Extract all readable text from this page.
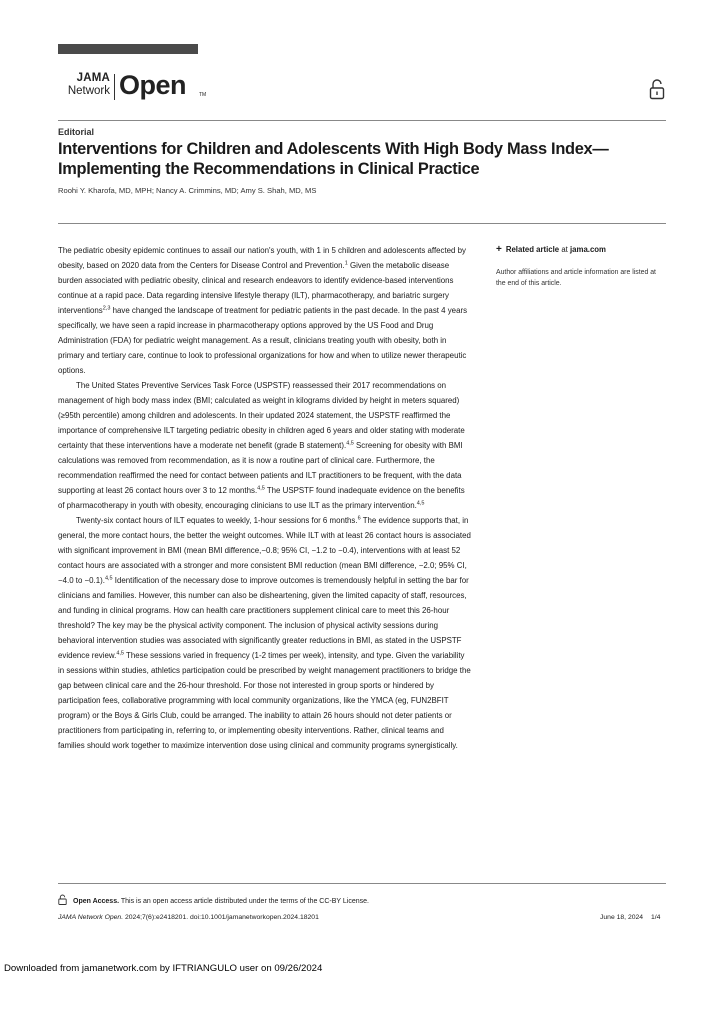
JAMA
Network Open	TM
Editorial
Interventions for Children and Adolescents With High Body Mass Index—
Implementing the Recommendations in Clinical Practice
Roohi Y. Kharofa, MD, MPH; Nancy A. Crimmins, MD; Amy S. Shah, MD, MS

The pediatric obesity epidemic continues to assail our nation's youth, with 1 in 5 children and adolescents affected by obesity, based on 2020 data from the Centers for Disease Control and Prevention.$^1$ Given the metabolic disease burden associated with pediatric obesity, clinical and research endeavors to identify evidence-based interventions continue at a rapid pace. Data regarding intensive lifestyle therapy (ILT), pharmacotherapy, and bariatric surgery interventions$^{2,3}$ have changed the landscape of treatment for pediatric patients in the past decade. In the past 4 years specifically, we have seen a rapid increase in pharmacotherapy options approved by the US Food and Drug Administration (FDA) for pediatric weight management. As a result, clinicians treating youth with obesity, both in primary and tertiary care, continue to look to professional organizations for how and when to utilize newer therapeutic options.

The United States Preventive Services Task Force (USPSTF) reassessed their 2017 recommendations on management of high body mass index (BMI; calculated as weight in kilograms divided by height in meters squared) (≥95th percentile) among children and adolescents. In their updated 2024 statement, the USPSTF reaffirmed the importance of comprehensive ILT targeting pediatric obesity in children aged 6 years and older stating with moderate certainty that these interventions have a moderate net benefit (grade B statement).$^{4,5}$ Screening for obesity with BMI calculations was removed from recommendation, as it is now a routine part of clinical care. Furthermore, the recommendation reaffirmed the need for contact between patients and ILT practitioners to be frequent, with the data supporting at least 26 contact hours over 3 to 12 months.$^{4,5}$ The USPSTF found inadequate evidence on the benefits of pharmacotherapy in youth with obesity, encouraging clinicians to use ILT as the primary intervention.$^{4,5}$

Twenty-six contact hours of ILT equates to weekly, 1-hour sessions for 6 months.$^6$ The evidence supports that, in general, the more contact hours, the better the weight outcomes. While ILT with at least 26 contact hours is associated with significant improvement in BMI (mean BMI difference,−0.8; 95% CI, −1.2 to −0.4), interventions with at least 52 contact hours are associated with a stronger and more consistent BMI reduction (mean BMI difference, −2.0; 95% CI, −4.0 to −0.1).$^{4,5}$ Identification of the necessary dose to improve outcomes is tremendously helpful in setting the bar for clinicians and families. However, this number can also be disheartening, given the limited capacity of staff, resources, and funding in clinical programs. How can health care practitioners supplement clinical care to meet this 26-hour threshold? The key may be the physical activity component. The inclusion of physical activity sessions during behavioral intervention studies was associated with significantly greater reductions in BMI, as stated in the USPSTF evidence review.$^{4,5}$ These sessions varied in frequency (1-2 times per week), intensity, and type. Given the variability in sessions within studies, athletics participation could be prescribed by weight management practitioners to bridge the gap between clinical care and the 26-hour threshold. For those not interested in group sports or hindered by participation fees, collaborative programming with local community organizations, like the YMCA (eg, FUN2BFIT program) or the Boys & Girls Club, could be arranged. The inability to attain 26 hours should not deter patients or practitioners from participating in, referring to, or implementing obesity interventions. Rather, clinical teams and families should work together to maximize intervention dose using clinical and community programs synergistically.

+ Related article at jama.com
Author affiliations and article information are listed at the end of this article.
Open Access. This is an open access article distributed under the terms of the CC-BY License.
JAMA Network Open. 2024;7(6):e2418201. doi:10.1001/jamanetworkopen.2024.18201	June 18, 2024 1/4
Downloaded from jamanetwork.com by IFTRIANGULO user on 09/26/2024
